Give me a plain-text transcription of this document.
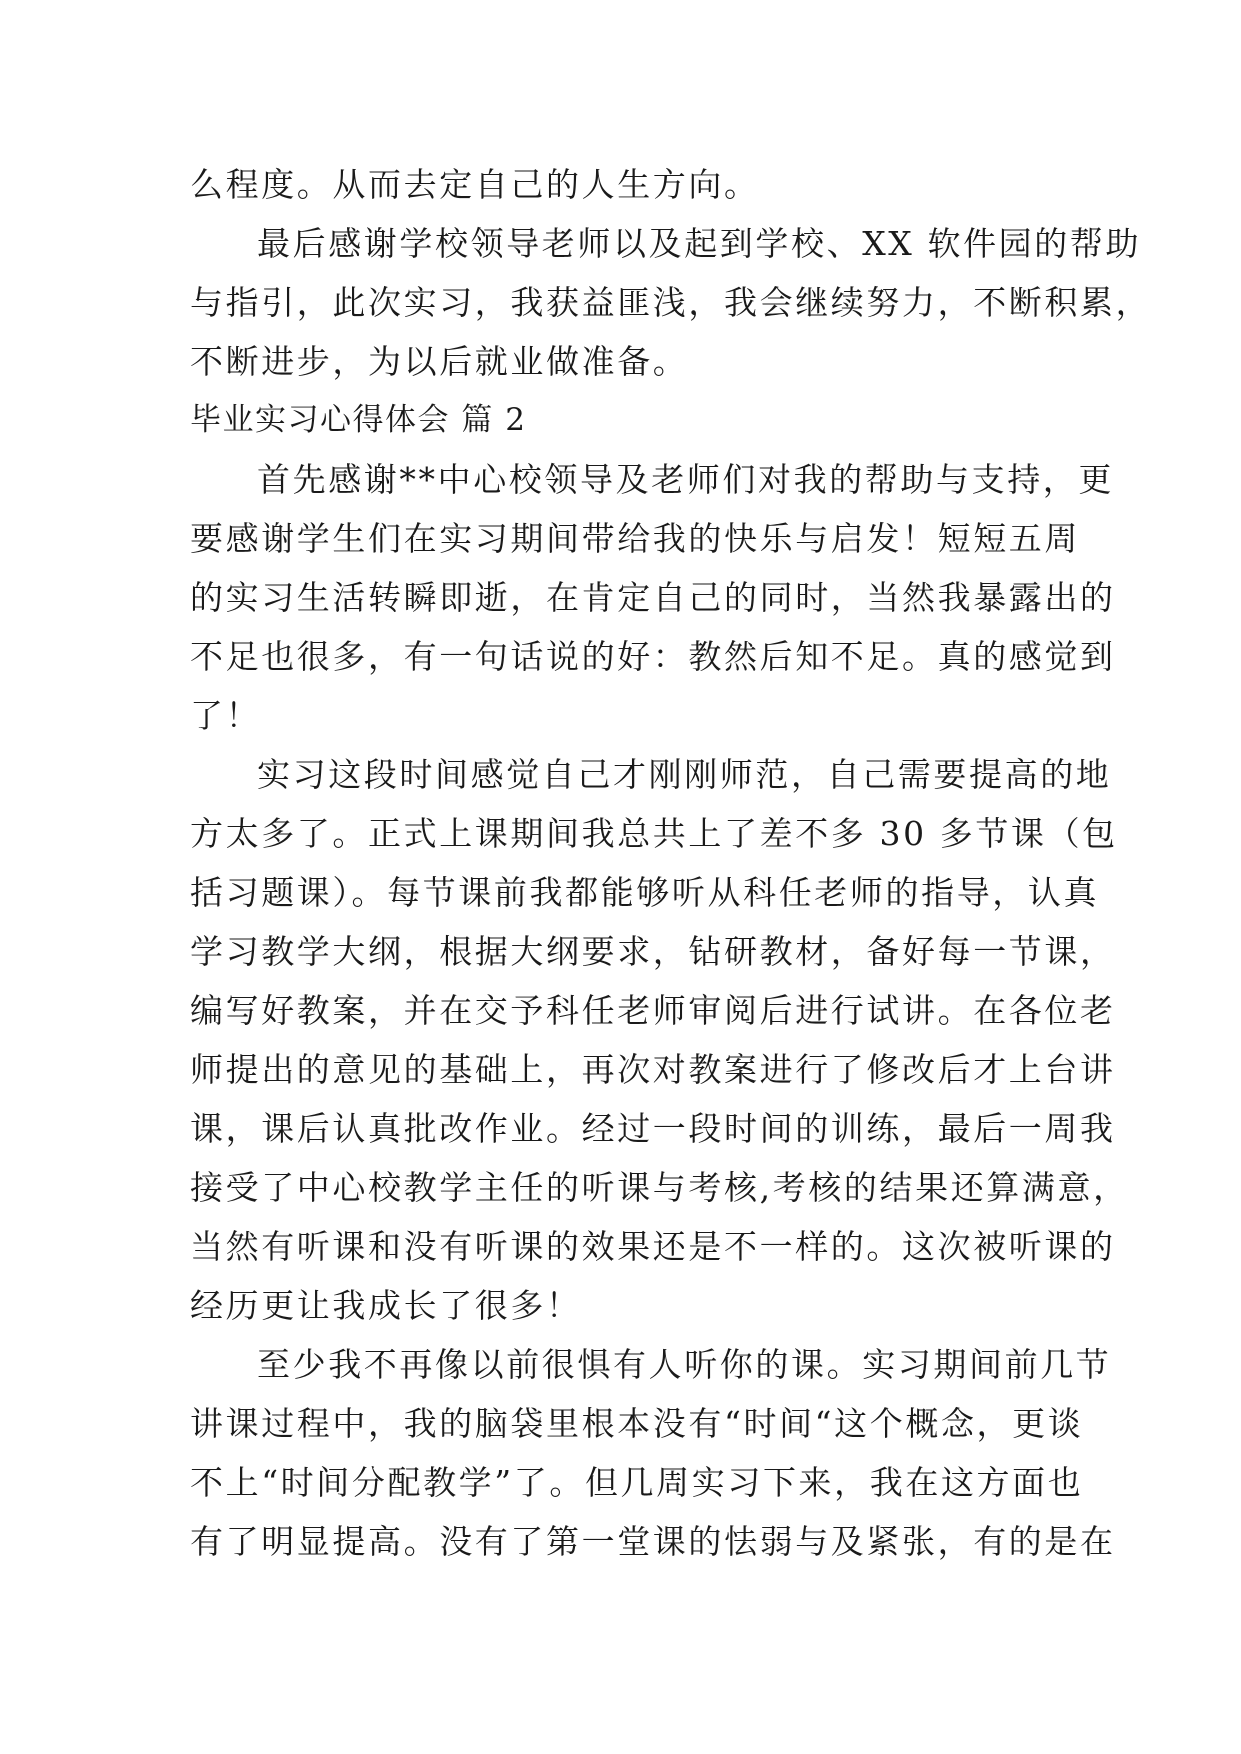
么程度。从而去定自己的人生方向。
最后感谢学校领导老师以及起到学校、XX 软件园的帮助
与指引，此次实习，我获益匪浅，我会继续努力，不断积累，
不断进步，为以后就业做准备。
毕业实习心得体会 篇 2
首先感谢**中心校领导及老师们对我的帮助与支持，更
要感谢学生们在实习期间带给我的快乐与启发！短短五周
的实习生活转瞬即逝，在肯定自己的同时，当然我暴露出的
不足也很多，有一句话说的好：教然后知不足。真的感觉到
了！
实习这段时间感觉自己才刚刚师范，自己需要提高的地
方太多了。正式上课期间我总共上了差不多 30 多节课（包
括习题课）。每节课前我都能够听从科任老师的指导，认真
学习教学大纲，根据大纲要求，钻研教材，备好每一节课，
编写好教案，并在交予科任老师审阅后进行试讲。在各位老
师提出的意见的基础上，再次对教案进行了修改后才上台讲
课，课后认真批改作业。经过一段时间的训练，最后一周我
接受了中心校教学主任的听课与考核,考核的结果还算满意，
当然有听课和没有听课的效果还是不一样的。这次被听课的
经历更让我成长了很多！
至少我不再像以前很惧有人听你的课。实习期间前几节
讲课过程中，我的脑袋里根本没有“时间“这个概念，更谈
不上“时间分配教学”了。但几周实习下来，我在这方面也
有了明显提高。没有了第一堂课的怯弱与及紧张，有的是在
